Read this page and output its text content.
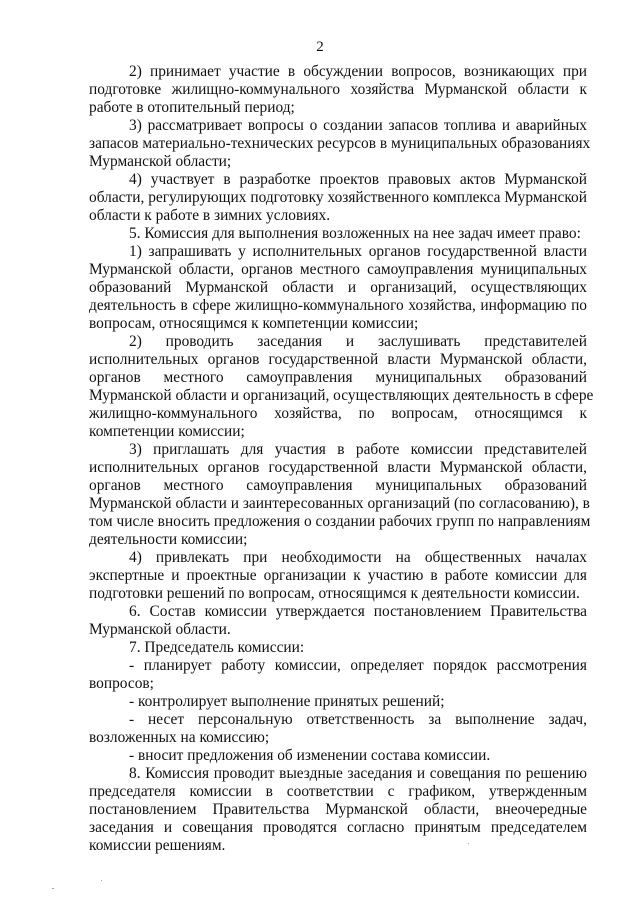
2
2) принимает участие в обсуждении вопросов, возникающих при
подготовке жилищно-коммунального хозяйства Мурманской области к
работе в отопительный период;
3) рассматривает вопросы о создании запасов топлива и аварийных
запасов материально-технических ресурсов в муниципальных образованиях
Мурманской области;
4) участвует в разработке проектов правовых актов Мурманской
области, регулирующих подготовку хозяйственного комплекса Мурманской
области к работе в зимних условиях.
5. Комиссия для выполнения возложенных на нее задач имеет право:
1) запрашивать у исполнительных органов государственной власти
Мурманской области, органов местного самоуправления муниципальных
образований Мурманской области и организаций, осуществляющих
деятельность в сфере жилищно-коммунального хозяйства, информацию по
вопросам, относящимся к компетенции комиссии;
2) проводить заседания и заслушивать представителей
исполнительных органов государственной власти Мурманской области,
органов местного самоуправления муниципальных образований
Мурманской области и организаций, осуществляющих деятельность в сфере
жилищно-коммунального хозяйства, по вопросам, относящимся к
компетенции комиссии;
3) приглашать для участия в работе комиссии представителей
исполнительных органов государственной власти Мурманской области,
органов местного самоуправления муниципальных образований
Мурманской области и заинтересованных организаций (по согласованию), в
том числе вносить предложения о создании рабочих групп по направлениям
деятельности комиссии;
4) привлекать при необходимости на общественных началах
экспертные и проектные организации к участию в работе комиссии для
подготовки решений по вопросам, относящимся к деятельности комиссии.
6. Состав комиссии утверждается постановлением Правительства
Мурманской области.
7. Председатель комиссии:
- планирует работу комиссии, определяет порядок рассмотрения
вопросов;
- контролирует выполнение принятых решений;
- несет персональную ответственность за выполнение задач,
возложенных на комиссию;
- вносит предложения об изменении состава комиссии.
8. Комиссия проводит выездные заседания и совещания по решению
председателя комиссии в соответствии с графиком, утвержденным
постановлением Правительства Мурманской области, внеочередные
заседания и совещания проводятся согласно принятым председателем
комиссии решениям.
